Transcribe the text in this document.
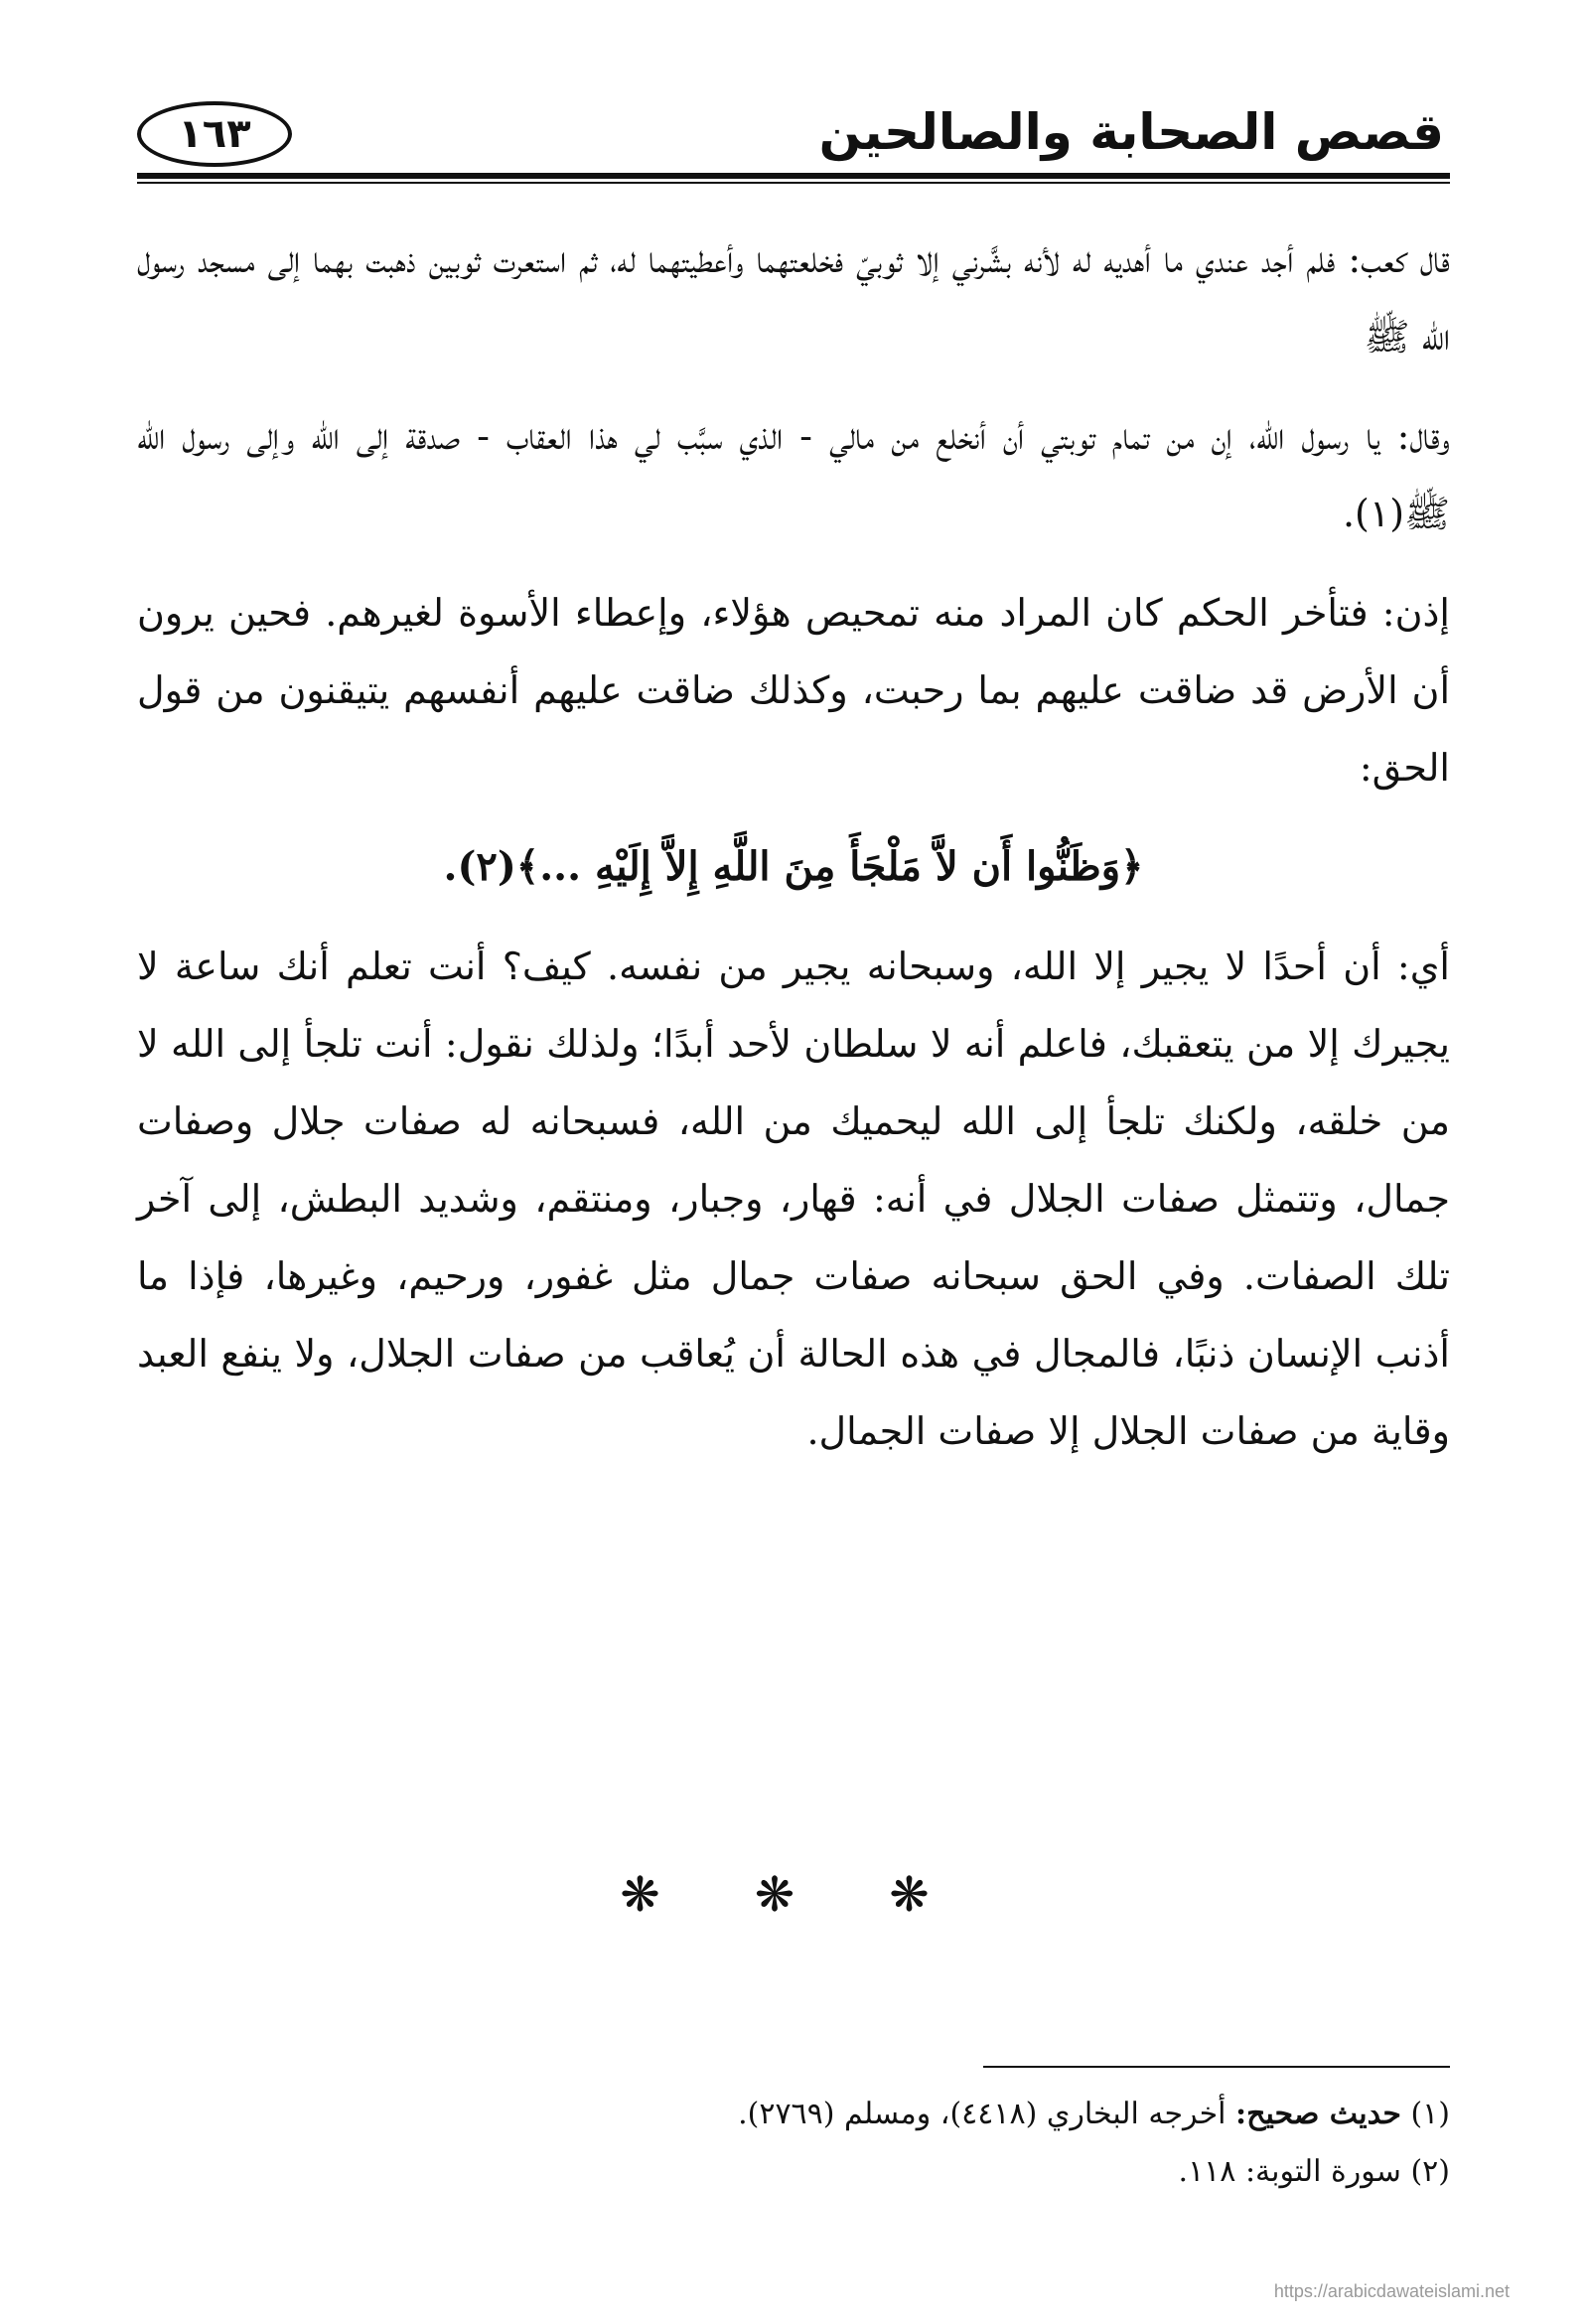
قصص الصحابة والصالحين
١٦٣

قال كعب: فلم أجد عندي ما أهديه له لأنه بشَّرني إلا ثوبيّ فخلعتهما وأعطيتهما له، ثم استعرت ثوبين ذهبت بهما إلى مسجد رسول الله ﷺ

وقال: يا رسول الله، إن من تمام توبتي أن أنخلع من مالي - الذي سبَّب لي هذا العقاب - صدقة إلى الله وإلى رسول الله ﷺ(١).

إذن: فتأخر الحكم كان المراد منه تمحيص هؤلاء، وإعطاء الأسوة لغيرهم. فحين يرون أن الأرض قد ضاقت عليهم بما رحبت، وكذلك ضاقت عليهم أنفسهم يتيقنون من قول الحق:

﴿وَظَنُّوا أَن لاَّ مَلْجَأَ مِنَ اللَّهِ إِلاَّ إِلَيْهِ ...﴾(٢).

أي: أن أحدًا لا يجير إلا الله، وسبحانه يجير من نفسه. كيف؟ أنت تعلم أنك ساعة لا يجيرك إلا من يتعقبك، فاعلم أنه لا سلطان لأحد أبدًا؛ ولذلك نقول: أنت تلجأ إلى الله لا من خلقه، ولكنك تلجأ إلى الله ليحميك من الله، فسبحانه له صفات جلال وصفات جمال، وتتمثل صفات الجلال في أنه: قهار، وجبار، ومنتقم، وشديد البطش، إلى آخر تلك الصفات. وفي الحق سبحانه صفات جمال مثل غفور، ورحيم، وغيرها، فإذا ما أذنب الإنسان ذنبًا، فالمجال في هذه الحالة أن يُعاقب من صفات الجلال، ولا ينفع العبد وقاية من صفات الجلال إلا صفات الجمال.

❋ ❋ ❋

(١) حديث صحيح: أخرجه البخاري (٤٤١٨)، ومسلم (٢٧٦٩).

(٢) سورة التوبة: ١١٨.

https://arabicdawateislami.net
